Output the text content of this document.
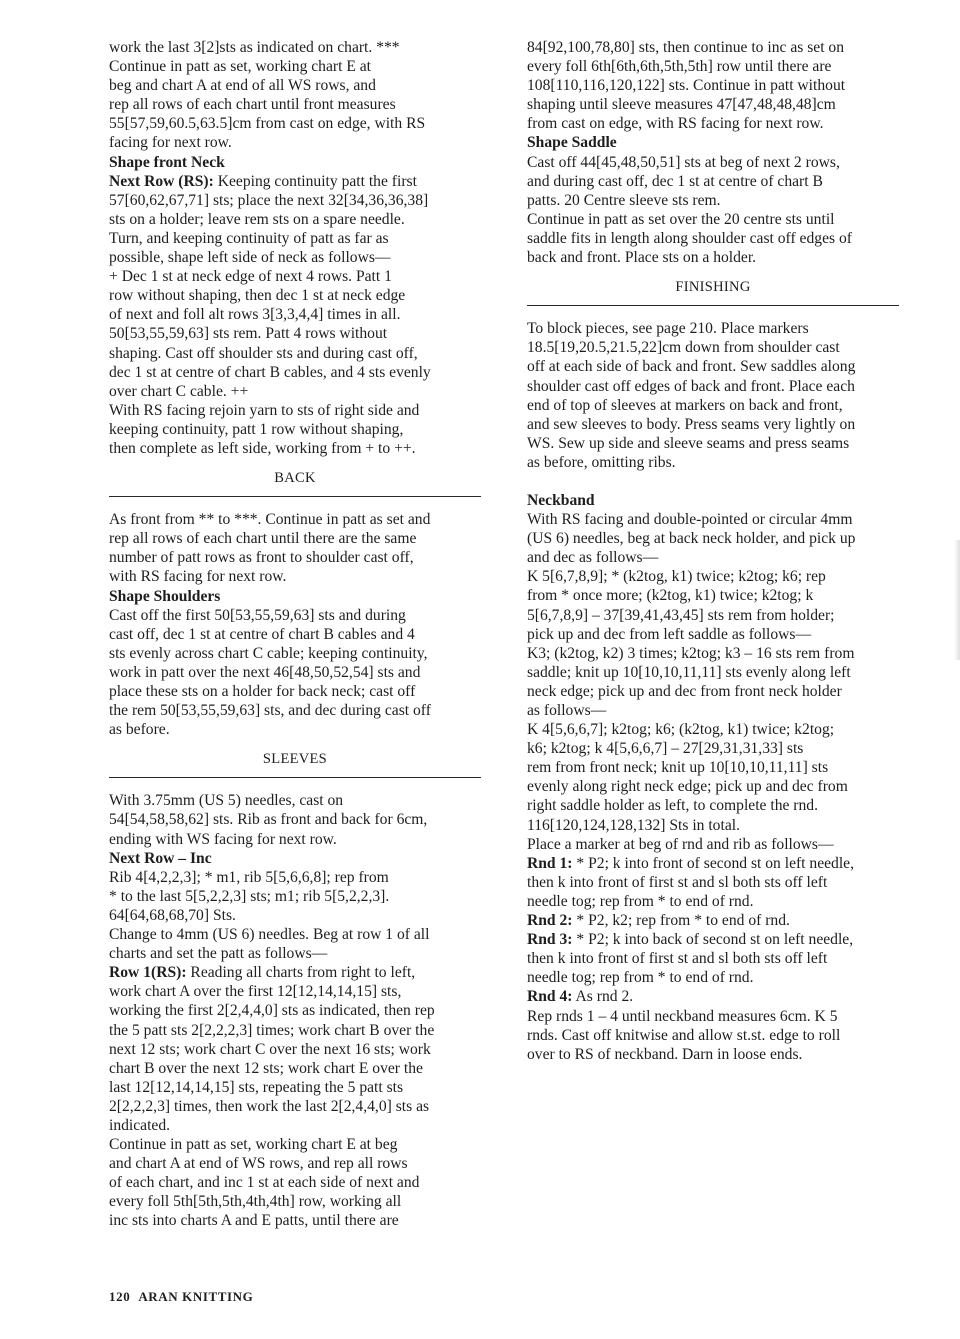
work the last 3[2]sts as indicated on chart. ***

Continue in patt as set, working chart E at

beg and chart A at end of all WS rows, and

rep all rows of each chart until front measures

55[57,59,60.5,63.5]cm from cast on edge, with RS

facing for next row.

Shape front Neck

Next Row (RS): Keeping continuity patt the first

57[60,62,67,71] sts; place the next 32[34,36,36,38]

sts on a holder; leave rem sts on a spare needle.

Turn, and keeping continuity of patt as far as

possible, shape left side of neck as follows—

+ Dec 1 st at neck edge of next 4 rows. Patt 1

row without shaping, then dec 1 st at neck edge

of next and foll alt rows 3[3,3,4,4] times in all.

50[53,55,59,63] sts rem. Patt 4 rows without

shaping. Cast off shoulder sts and during cast off,

dec 1 st at centre of chart B cables, and 4 sts evenly

over chart C cable. ++

With RS facing rejoin yarn to sts of right side and

keeping continuity, patt 1 row without shaping,

then complete as left side, working from + to ++.

BACK

As front from ** to ***. Continue in patt as set and

rep all rows of each chart until there are the same

number of patt rows as front to shoulder cast off,

with RS facing for next row.

Shape Shoulders

Cast off the first 50[53,55,59,63] sts and during

cast off, dec 1 st at centre of chart B cables and 4

sts evenly across chart C cable; keeping continuity,

work in patt over the next 46[48,50,52,54] sts and

place these sts on a holder for back neck; cast off

the rem 50[53,55,59,63] sts, and dec during cast off

as before.

SLEEVES

With 3.75mm (US 5) needles, cast on

54[54,58,58,62] sts. Rib as front and back for 6cm,

ending with WS facing for next row.

Next Row – Inc

Rib 4[4,2,2,3]; * m1, rib 5[5,6,6,8]; rep from

* to the last 5[5,2,2,3] sts; m1; rib 5[5,2,2,3].

64[64,68,68,70] Sts.

Change to 4mm (US 6) needles. Beg at row 1 of all

charts and set the patt as follows—

Row 1(RS): Reading all charts from right to left,

work chart A over the first 12[12,14,14,15] sts,

working the first 2[2,4,4,0] sts as indicated, then rep

the 5 patt sts 2[2,2,2,3] times; work chart B over the

next 12 sts; work chart C over the next 16 sts; work

chart B over the next 12 sts; work chart E over the

last 12[12,14,14,15] sts, repeating the 5 patt sts

2[2,2,2,3] times, then work the last 2[2,4,4,0] sts as

indicated.

Continue in patt as set, working chart E at beg

and chart A at end of WS rows, and rep all rows

of each chart, and inc 1 st at each side of next and

every foll 5th[5th,5th,4th,4th] row, working all

inc sts into charts A and E patts, until there are

84[92,100,78,80] sts, then continue to inc as set on

every foll 6th[6th,6th,5th,5th] row until there are

108[110,116,120,122] sts. Continue in patt without

shaping until sleeve measures 47[47,48,48,48]cm

from cast on edge, with RS facing for next row.

Shape Saddle

Cast off 44[45,48,50,51] sts at beg of next 2 rows,

and during cast off, dec 1 st at centre of chart B

patts. 20 Centre sleeve sts rem.

Continue in patt as set over the 20 centre sts until

saddle fits in length along shoulder cast off edges of

back and front. Place sts on a holder.

FINISHING

To block pieces, see page 210. Place markers

18.5[19,20.5,21.5,22]cm down from shoulder cast

off at each side of back and front. Sew saddles along

shoulder cast off edges of back and front. Place each

end of top of sleeves at markers on back and front,

and sew sleeves to body. Press seams very lightly on

WS. Sew up side and sleeve seams and press seams

as before, omitting ribs.

Neckband

With RS facing and double-pointed or circular 4mm

(US 6) needles, beg at back neck holder, and pick up

and dec as follows—

K 5[6,7,8,9]; * (k2tog, k1) twice; k2tog; k6; rep

from * once more; (k2tog, k1) twice; k2tog; k

5[6,7,8,9] – 37[39,41,43,45] sts rem from holder;

pick up and dec from left saddle as follows—

K3; (k2tog, k2) 3 times; k2tog; k3 – 16 sts rem from

saddle; knit up 10[10,10,11,11] sts evenly along left

neck edge; pick up and dec from front neck holder

as follows—

K 4[5,6,6,7]; k2tog; k6; (k2tog, k1) twice; k2tog;

k6; k2tog; k 4[5,6,6,7] – 27[29,31,31,33] sts

rem from front neck; knit up 10[10,10,11,11] sts

evenly along right neck edge; pick up and dec from

right saddle holder as left, to complete the rnd.

116[120,124,128,132] Sts in total.

Place a marker at beg of rnd and rib as follows—

Rnd 1: * P2; k into front of second st on left needle,

then k into front of first st and sl both sts off left

needle tog; rep from * to end of rnd.

Rnd 2: * P2, k2; rep from * to end of rnd.

Rnd 3: * P2; k into back of second st on left needle,

then k into front of first st and sl both sts off left

needle tog; rep from * to end of rnd.

Rnd 4: As rnd 2.

Rep rnds 1 – 4 until neckband measures 6cm. K 5

rnds. Cast off knitwise and allow st.st. edge to roll

over to RS of neckband. Darn in loose ends.

120 ARAN KNITTING
